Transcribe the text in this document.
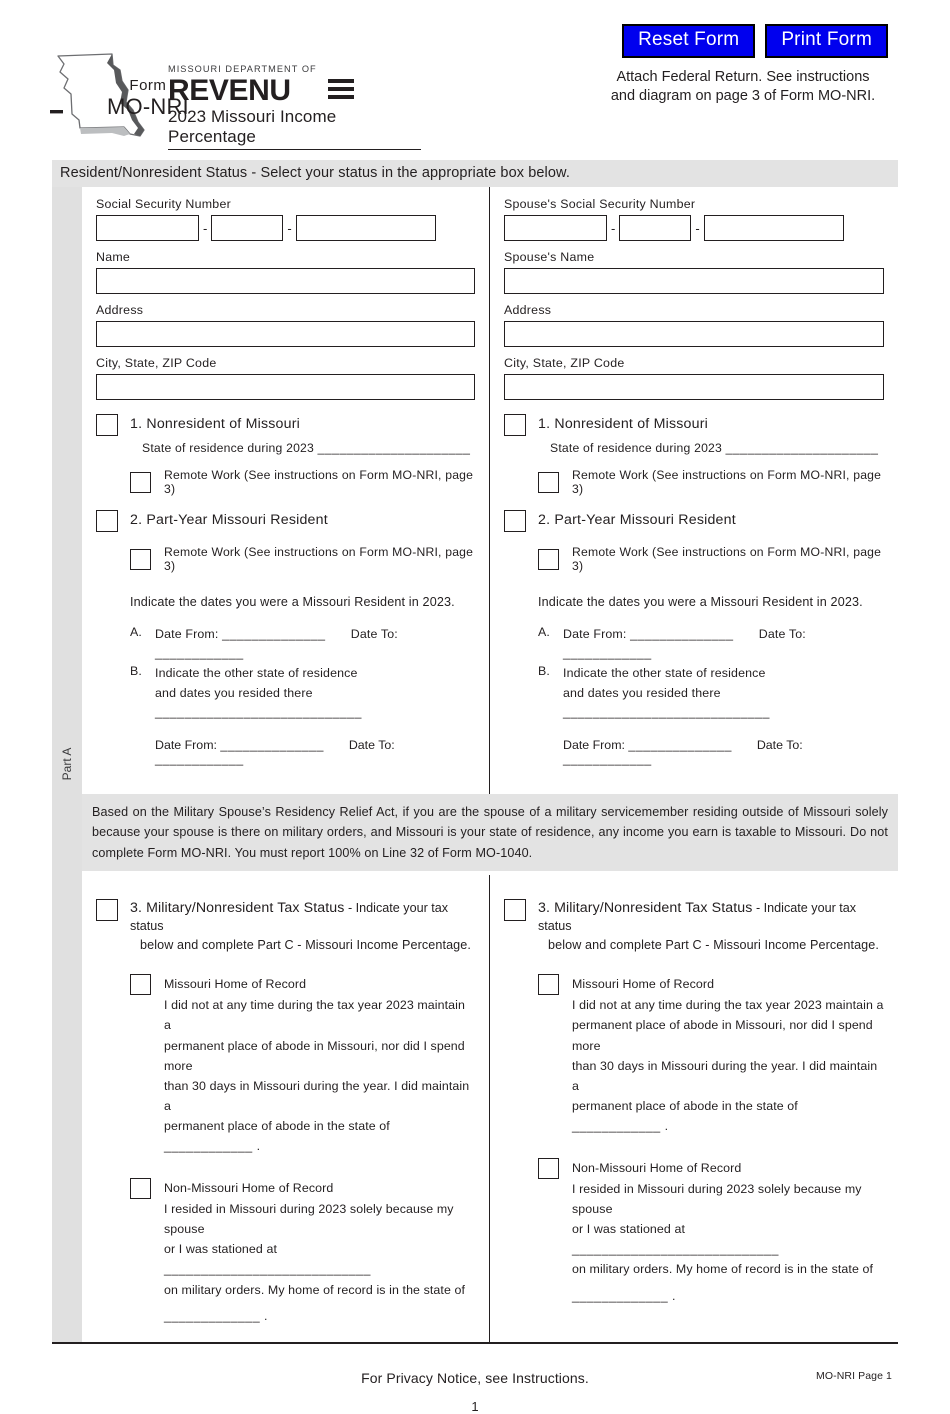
Reset Form	Print Form
Attach Federal Return. See instructions
and diagram on page 3 of Form MO-NRI.
Form
MO-NRI
MISSOURI DEPARTMENT OF
REVENU
2023 Missouri Income Percentage
Resident/Nonresident Status - Select your status in the appropriate box below.
Part A
Social Security Number
-	-
Name
Address
City, State, ZIP Code
1. Nonresident of Missouri
State of residence during 2023 _____________________
Remote Work (See instructions on Form MO-NRI, page 3)
2. Part-Year Missouri Resident
Remote Work (See instructions on Form MO-NRI, page 3)
Indicate the dates you were a Missouri Resident in 2023.
A.	Date From: ______________ Date To: ____________
B.	Indicate the other state of residence
and dates you resided there ____________________________
Date From: ______________ Date To: ____________
Spouse's Social Security Number
-	-
Spouse's Name
Address
City, State, ZIP Code
1. Nonresident of Missouri
State of residence during 2023 _____________________
Remote Work (See instructions on Form MO-NRI, page 3)
2. Part-Year Missouri Resident
Remote Work (See instructions on Form MO-NRI, page 3)
Indicate the dates you were a Missouri Resident in 2023.
A.	Date From: ______________ Date To: ____________
B.	Indicate the other state of residence
and dates you resided there ____________________________
Date From: ______________ Date To: ____________
Based on the Military Spouse’s Residency Relief Act, if you are the spouse of a military servicemember residing outside of Missouri solely because your spouse is there on military orders, and Missouri is your state of residence, any income you earn is taxable to Missouri. Do not complete Form MO-NRI. You must report 100% on Line 32 of Form MO-1040.
3. Military/Nonresident Tax Status - Indicate your tax status
below and complete Part C - Missouri Income Percentage.
Missouri Home of Record
I did not at any time during the tax year 2023 maintain a
permanent place of abode in Missouri, nor did I spend more
than 30 days in Missouri during the year. I did maintain a
permanent place of abode in the state of ____________ .
Non-Missouri Home of Record
I resided in Missouri during 2023 solely because my spouse
or I was stationed at ____________________________
on military orders. My home of record is in the state of
_____________ .
3. Military/Nonresident Tax Status - Indicate your tax status
below and complete Part C - Missouri Income Percentage.
Missouri Home of Record
I did not at any time during the tax year 2023 maintain a
permanent place of abode in Missouri, nor did I spend more
than 30 days in Missouri during the year. I did maintain a
permanent place of abode in the state of ____________ .
Non-Missouri Home of Record
I resided in Missouri during 2023 solely because my spouse
or I was stationed at ____________________________
on military orders. My home of record is in the state of
_____________ .
For Privacy Notice, see Instructions.	MO-NRI Page 1
1
